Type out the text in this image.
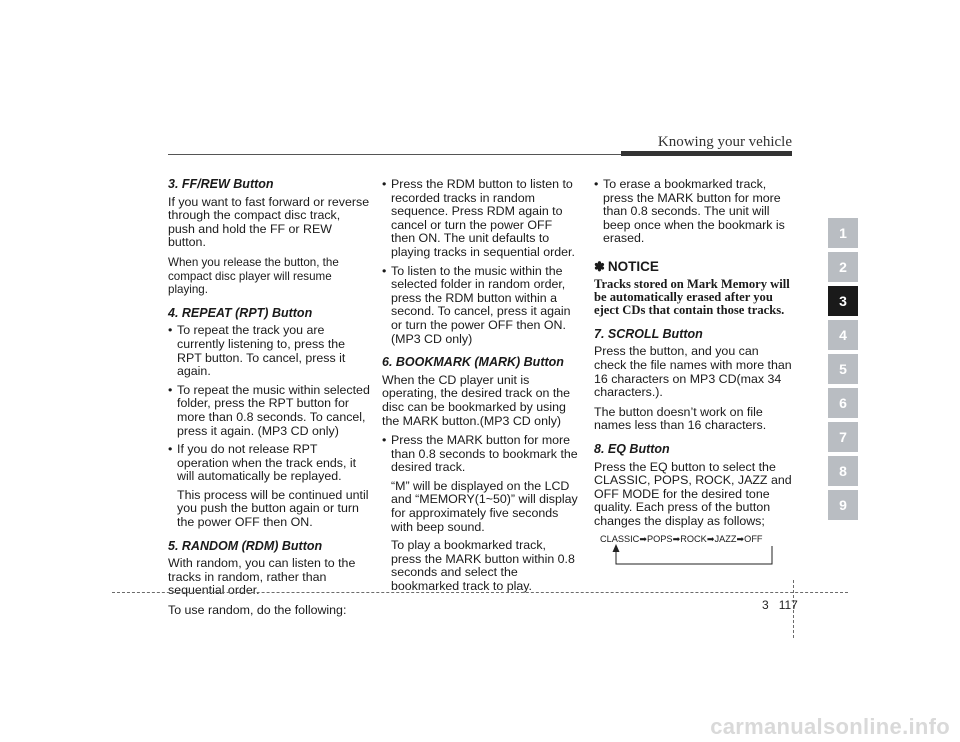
Knowing your vehicle
3. FF/REW Button

If you want to fast forward or reverse through the compact disc track, push and hold the FF or REW button.

When you release the button, the compact disc player will resume playing.

4. REPEAT (RPT) Button
• To repeat the track you are currently listening to, press the RPT button. To cancel, press it again.
• To repeat the music within selected folder, press the RPT button for more than 0.8 seconds. To cancel, press it again. (MP3 CD only)
• If you do not release RPT operation when the track ends, it will automatically be replayed.
This process will be continued until you push the button again or turn the power OFF then ON.
5. RANDOM (RDM) Button

With random, you can listen to the tracks in random, rather than sequential order.

To use random, do the following:

• Press the RDM button to listen to recorded tracks in random sequence. Press RDM again to cancel or turn the power OFF then ON. The unit defaults to playing tracks in sequential order.
• To listen to the music within the selected folder in random order, press the RDM button within a second. To cancel, press it again or turn the power OFF then ON.(MP3 CD only)
6. BOOKMARK (MARK) Button

When the CD player unit is operating, the desired track on the disc can be bookmarked by using the MARK button.(MP3 CD only)

• Press the MARK button for more than 0.8 seconds to bookmark the desired track.
“M” will be displayed on the LCD and “MEMORY(1~50)” will display for approximately five seconds with beep sound.
To play a bookmarked track, press the MARK button within 0.8 seconds and select the bookmarked track to play.
• To erase a bookmarked track, press the MARK button for more than 0.8 seconds. The unit will beep once when the bookmark is erased.
✽ NOTICE
Tracks stored on Mark Memory will be automatically erased after you eject CDs that contain those tracks.
7. SCROLL Button

Press the button, and you can check the file names with more than 16 characters on MP3 CD(max 34 characters.).

The button doesn’t work on file names less than 16 characters.

8. EQ Button

Press the EQ button to select the CLASSIC, POPS, ROCK, JAZZ and OFF MODE for the desired tone quality. Each press of the button changes the display as follows;

CLASSIC➡POPS➡ROCK➡JAZZ➡OFF
1
2
3
4
5
6
7
8
9
3 117
carmanualsonline.info
